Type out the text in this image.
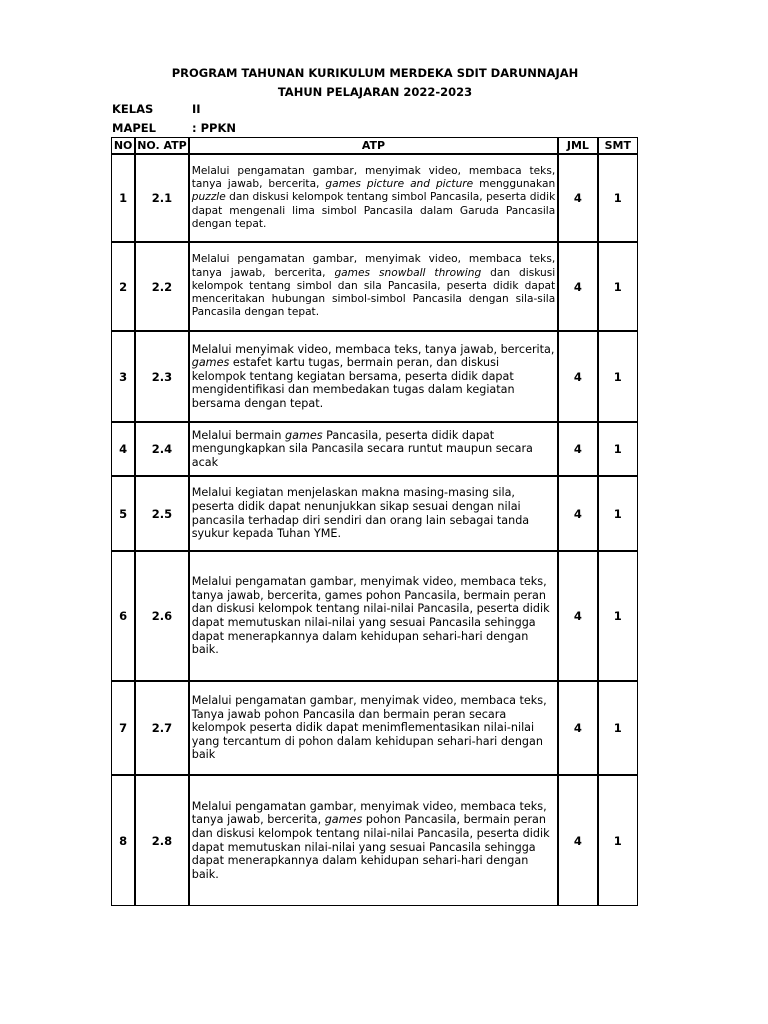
PROGRAM TAHUNAN KURIKULUM MERDEKA SDIT DARUNNAJAH
TAHUN PELAJARAN 2022-2023
KELAS	II
MAPEL	: PPKN
NO	NO. ATP	ATP	JML	SMT
1	2.1	Melalui pengamatan gambar, menyimak video, membaca teks, tanya jawab, bercerita, games picture and picture menggunakan puzzle dan diskusi kelompok tentang simbol Pancasila, peserta didik dapat mengenali lima simbol Pancasila dalam Garuda Pancasila dengan tepat.	4	1
2	2.2	Melalui pengamatan gambar, menyimak video, membaca teks, tanya jawab, bercerita, games snowball throwing dan diskusi kelompok tentang simbol dan sila Pancasila, peserta didik dapat menceritakan hubungan simbol-simbol Pancasila dengan sila-sila Pancasila dengan tepat.	4	1
3	2.3	Melalui menyimak video, membaca teks, tanya jawab, bercerita, games estafet kartu tugas, bermain peran, dan diskusi kelompok tentang kegiatan bersama, peserta didik dapat mengidentifikasi dan membedakan tugas dalam kegiatan bersama dengan tepat.	4	1
4	2.4	Melalui bermain games Pancasila, peserta didik dapat mengungkapkan sila Pancasila secara runtut maupun secara acak	4	1
5	2.5	Melalui kegiatan menjelaskan makna masing-masing sila, peserta didik dapat nenunjukkan sikap sesuai dengan nilai pancasila terhadap diri sendiri dan orang lain sebagai tanda syukur kepada Tuhan YME.	4	1
6	2.6	Melalui pengamatan gambar, menyimak video, membaca teks, tanya jawab, bercerita, games pohon Pancasila, bermain peran dan diskusi kelompok tentang nilai-nilai Pancasila, peserta didik dapat memutuskan nilai-nilai yang sesuai Pancasila sehingga dapat menerapkannya dalam kehidupan sehari-hari dengan baik.	4	1
7	2.7	Melalui pengamatan gambar, menyimak video, membaca teks, Tanya jawab pohon Pancasila dan bermain peran secara kelompok peserta didik dapat menimflementasikan nilai-nilai yang tercantum di pohon dalam kehidupan sehari-hari dengan baik	4	1
8	2.8	Melalui pengamatan gambar, menyimak video, membaca teks, tanya jawab, bercerita, games pohon Pancasila, bermain peran dan diskusi kelompok tentang nilai-nilai Pancasila, peserta didik dapat memutuskan nilai-nilai yang sesuai Pancasila sehingga dapat menerapkannya dalam kehidupan sehari-hari dengan baik.	4	1
